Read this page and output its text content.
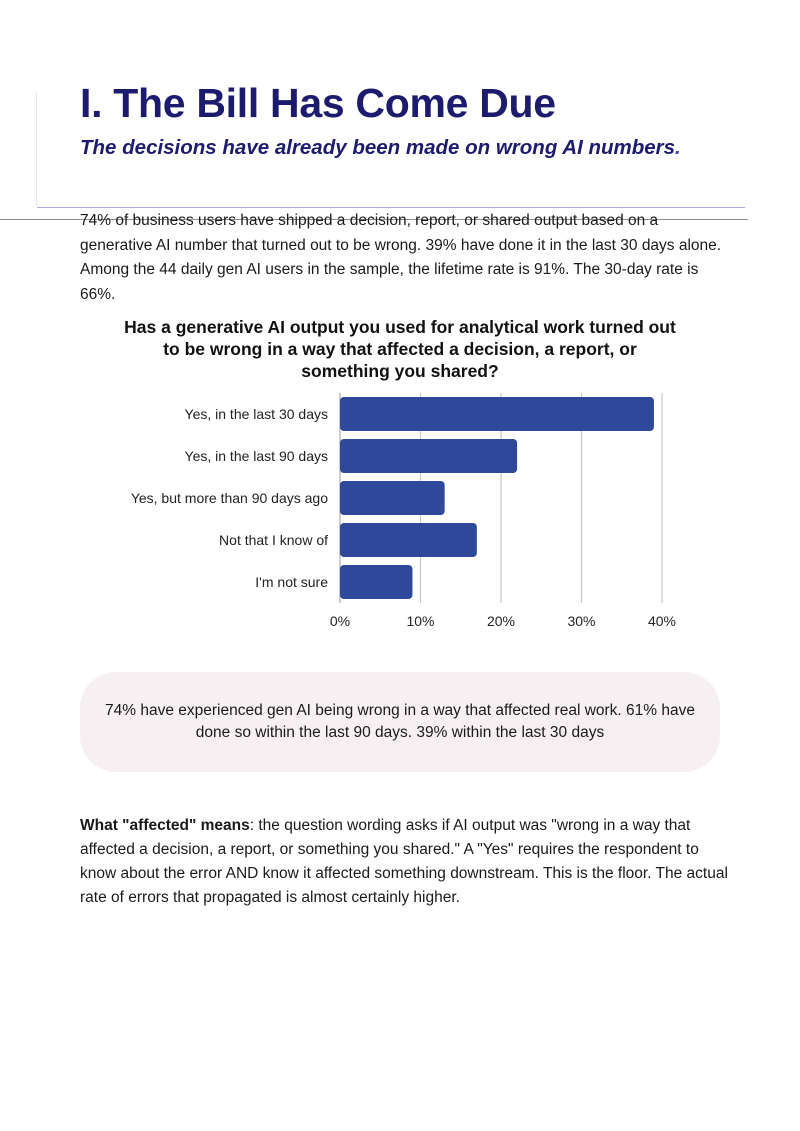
I. The Bill Has Come Due
The decisions have already been made on wrong AI numbers.

74% of business users have shipped a decision, report, or shared output based on a generative AI number that turned out to be wrong. 39% have done it in the last 30 days alone. Among the 44 daily gen AI users in the sample, the lifetime rate is 91%. The 30-day rate is 66%.

Has a generative AI output you used for analytical work turned out to be wrong in a way that affected a decision, a report, or something you shared?
Yes, in the last 30 days
Yes, in the last 90 days
Yes, but more than 90 days ago
Not that I know of
I'm not sure
0%	10%	20%	30%	40%
74% have experienced gen AI being wrong in a way that affected real work. 61% have done so within the last 90 days. 39% within the last 30 days

What "affected" means: the question wording asks if AI output was "wrong in a way that affected a decision, a report, or something you shared." A "Yes" requires the respondent to know about the error AND know it affected something downstream. This is the floor. The actual rate of errors that propagated is almost certainly higher.
